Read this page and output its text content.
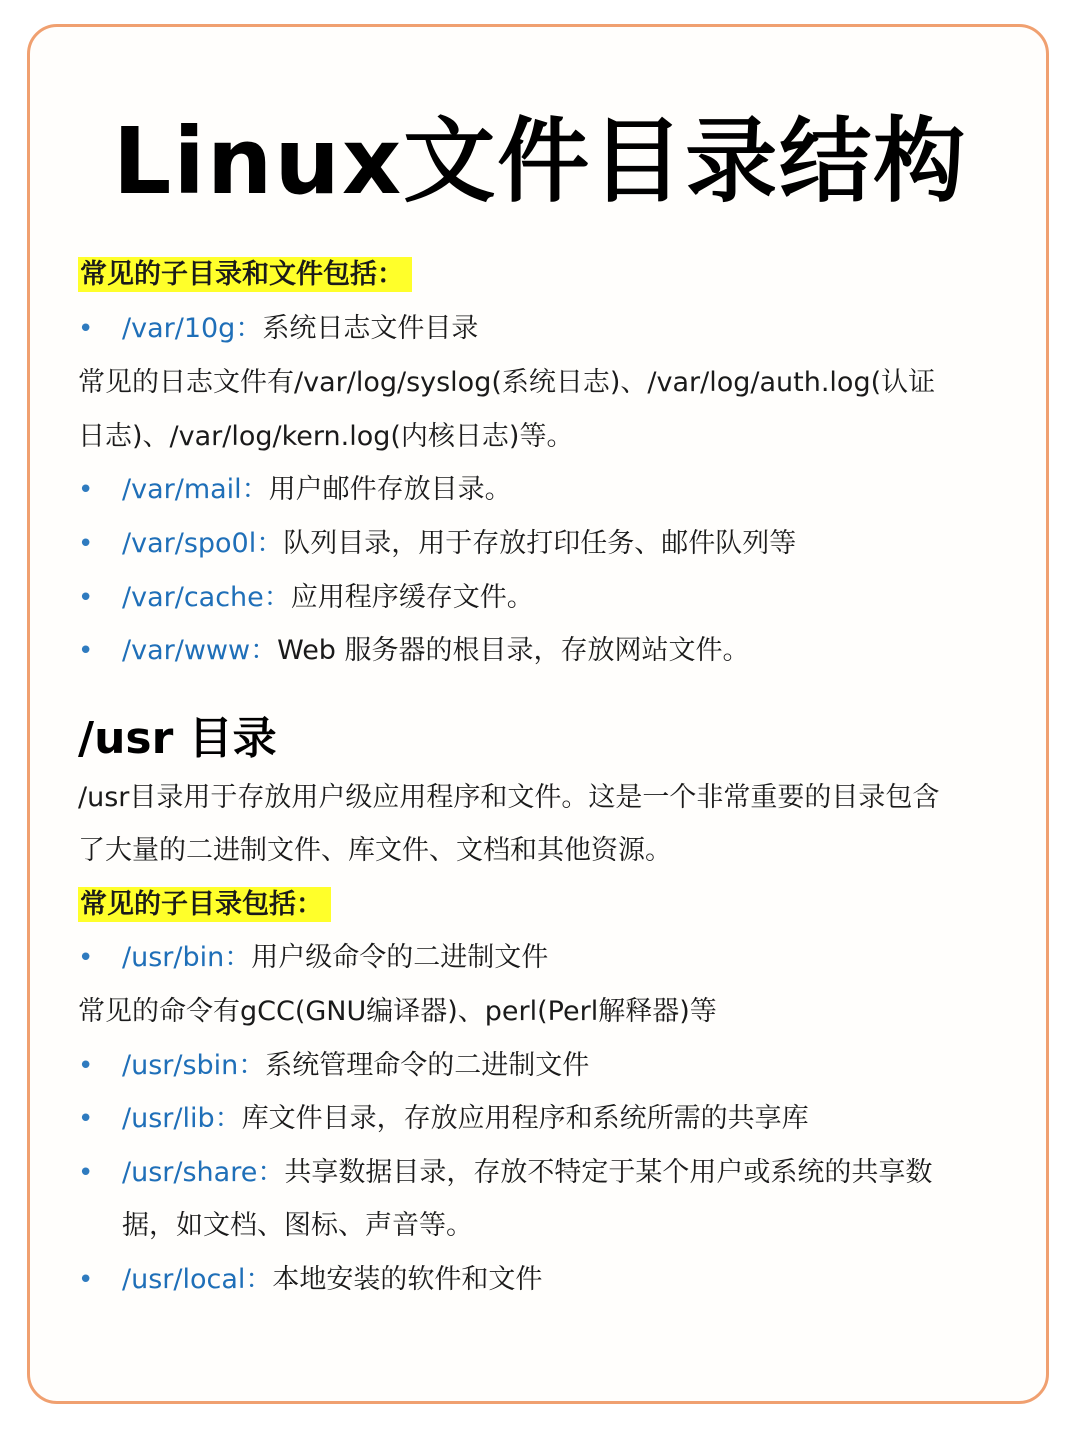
Linux文件目录结构
常见的子目录和文件包括：
• /var/10g：系统日志文件目录
常见的日志文件有/var/log/syslog(系统日志)、/var/log/auth.log(认证
日志)、/var/log/kern.log(内核日志)等。
• /var/mail：用户邮件存放目录。
• /var/spo0l：队列目录，用于存放打印任务、邮件队列等
• /var/cache：应用程序缓存文件。
• /var/www：Web 服务器的根目录，存放网站文件。
/usr 目录
/usr目录用于存放用户级应用程序和文件。这是一个非常重要的目录包含
了大量的二进制文件、库文件、文档和其他资源。
常见的子目录包括：
• /usr/bin：用户级命令的二进制文件
常见的命令有gCC(GNU编译器)、perl(Perl解释器)等
• /usr/sbin：系统管理命令的二进制文件
• /usr/lib：库文件目录，存放应用程序和系统所需的共享库
• /usr/share：共享数据目录，存放不特定于某个用户或系统的共享数
据，如文档、图标、声音等。
• /usr/local：本地安装的软件和文件
